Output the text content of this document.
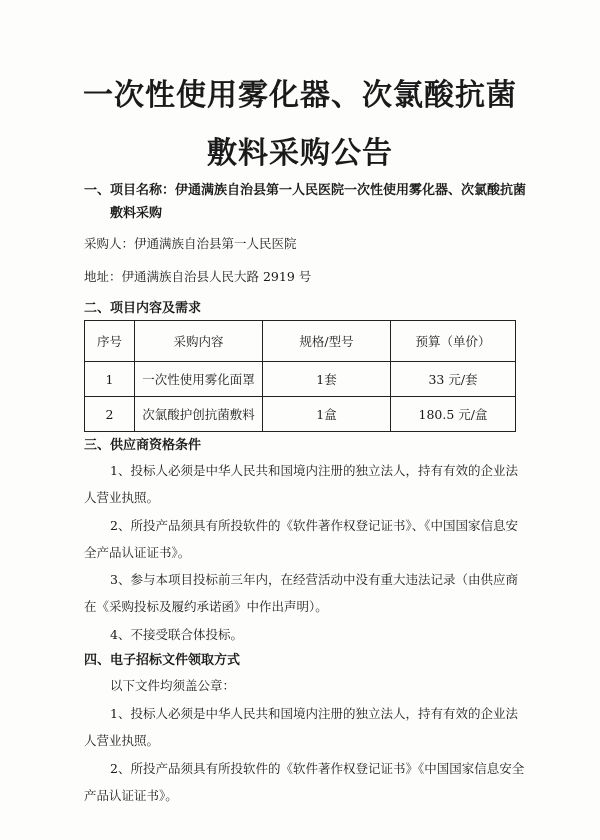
一次性使用雾化器、次氯酸抗菌
敷料采购公告
一、项目名称：伊通满族自治县第一人民医院一次性使用雾化器、次氯酸抗菌
敷料采购
采购人：伊通满族自治县第一人民医院
地址：伊通满族自治县人民大路 2919 号
二、项目内容及需求
序号	采购内容	规格/型号	预算（单价）
1	一次性使用雾化面罩	1套	33 元/套
2	次氯酸护创抗菌敷料	1盒	180.5 元/盒
三、供应商资格条件
1、投标人必须是中华人民共和国境内注册的独立法人，持有有效的企业法
人营业执照。
2、所投产品须具有所投软件的《软件著作权登记证书》、《中国国家信息安
全产品认证证书》。
3、参与本项目投标前三年内，在经营活动中没有重大违法记录（由供应商
在《采购投标及履约承诺函》中作出声明）。
4、不接受联合体投标。
四、电子招标文件领取方式
以下文件均须盖公章：
1、投标人必须是中华人民共和国境内注册的独立法人，持有有效的企业法
人营业执照。
2、所投产品须具有所投软件的《软件著作权登记证书》《中国国家信息安全
产品认证证书》。
